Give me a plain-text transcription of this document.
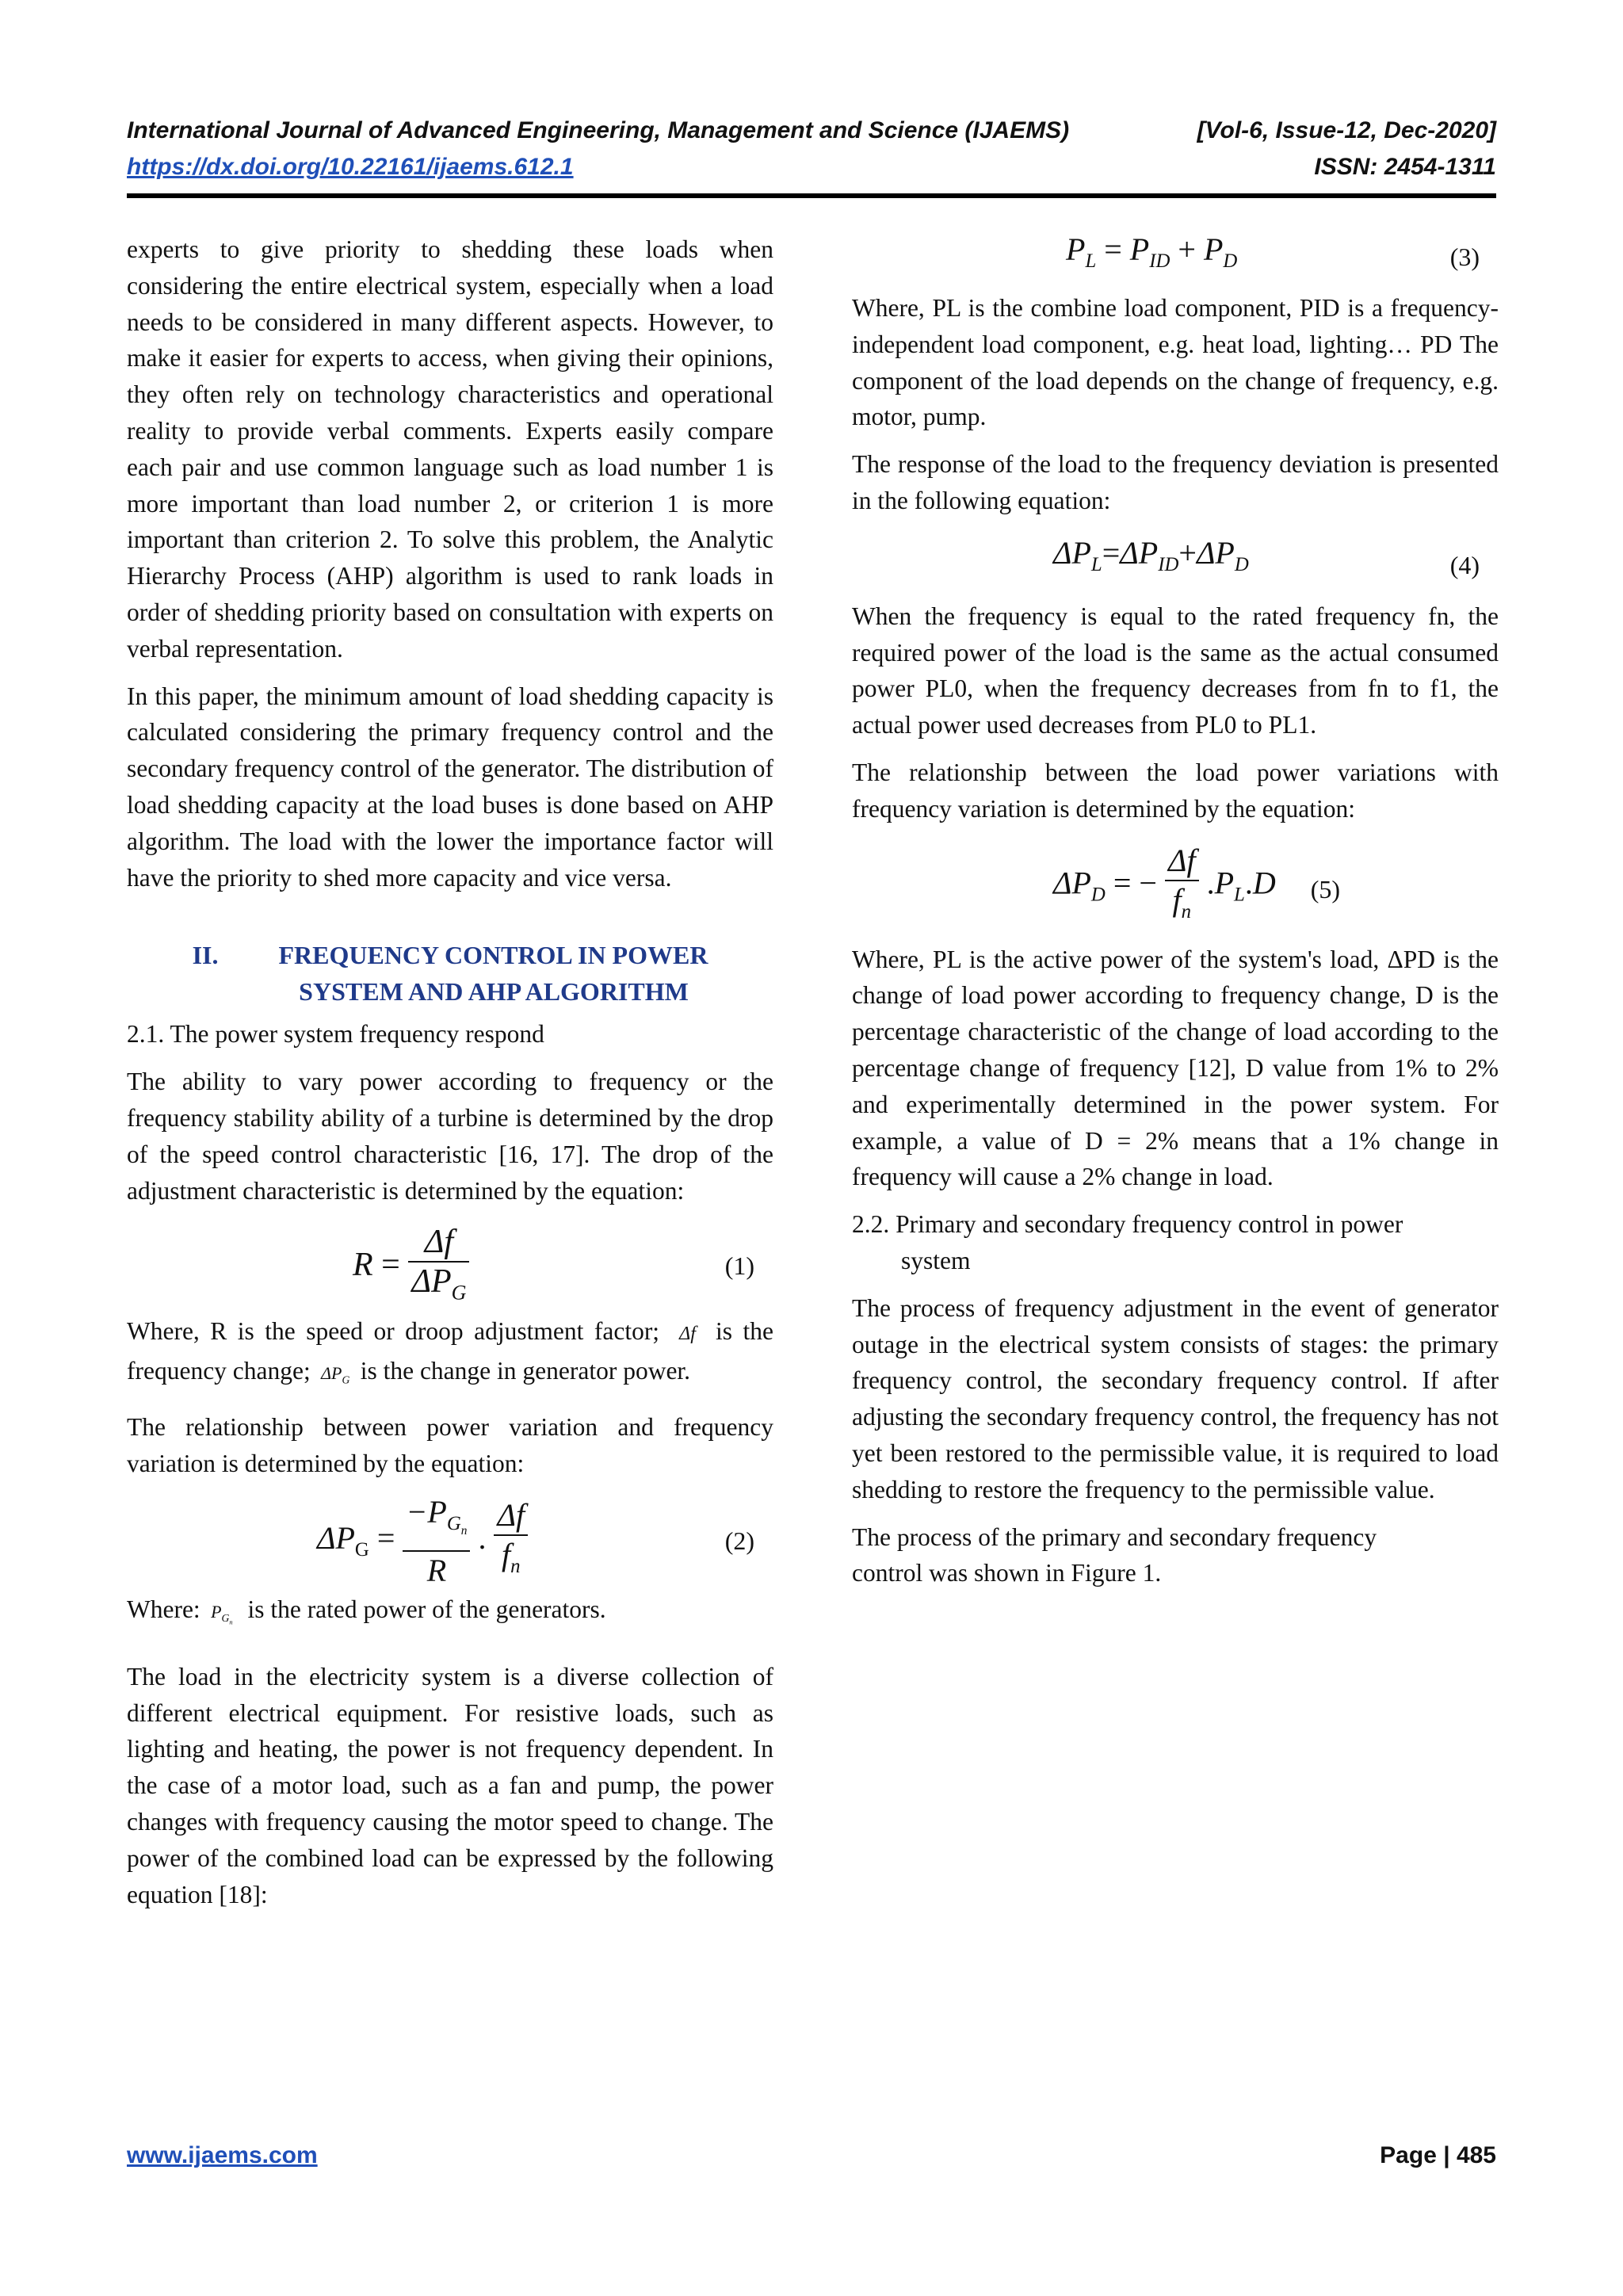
International Journal of Advanced Engineering, Management and Science (IJAEMS)	[Vol-6, Issue-12, Dec-2020]
https://dx.doi.org/10.22161/ijaems.612.1	ISSN: 2454-1311

experts to give priority to shedding these loads when considering the entire electrical system, especially when a load needs to be considered in many different aspects. However, to make it easier for experts to access, when giving their opinions, they often rely on technology characteristics and operational reality to provide verbal comments. Experts easily compare each pair and use common language such as load number 1 is more important than load number 2, or criterion 1 is more important than criterion 2. To solve this problem, the Analytic Hierarchy Process (AHP) algorithm is used to rank loads in order of shedding priority based on consultation with experts on verbal representation.

In this paper, the minimum amount of load shedding capacity is calculated considering the primary frequency control and the secondary frequency control of the generator. The distribution of load shedding capacity at the load buses is done based on AHP algorithm. The load with the lower the importance factor will have the priority to shed more capacity and vice versa.

II. FREQUENCY CONTROL IN POWER
SYSTEM AND AHP ALGORITHM

2.1. The power system frequency respond

The ability to vary power according to frequency or the frequency stability ability of a turbine is determined by the drop of the speed control characteristic [16, 17]. The drop of the adjustment characteristic is determined by the equation:

$R = \frac{\Delta f}{\Delta P_G}$	(1)

Where, R is the speed or droop adjustment factor;  Δf  is the frequency change;  $\Delta P_G$ is the change in generator power.

The relationship between power variation and frequency variation is determined by the equation:

$\Delta P_G = \frac{-P_{G_n}}{R}$ . $\frac{\Delta f}{f_n}$	(2)

Where:  $P_{G_n}$ is the rated power of the generators.

The load in the electricity system is a diverse collection of different electrical equipment. For resistive loads, such as lighting and heating, the power is not frequency dependent. In the case of a motor load, such as a fan and pump, the power changes with frequency causing the motor speed to change. The power of the combined load can be expressed by the following equation [18]:

$P_L = P_{ID} + P_D$	(3)

Where, PL is the combine load component, PID is a frequency-independent load component, e.g. heat load, lighting… PD The component of the load depends on the change of frequency, e.g. motor, pump.

The response of the load to the frequency deviation is presented in the following equation:

$\Delta P_L=\Delta P_{ID}+\Delta P_D$	(4)

When the frequency is equal to the rated frequency fn, the required power of the load is the same as the actual consumed power PL0, when the frequency decreases from fn to f1, the actual power used decreases from PL0 to PL1.

The relationship between the load power variations with frequency variation is determined by the equation:

$\Delta P_D$ = − $\frac{\Delta f}{f_n} .P_L.D$ (5)

Where, PL is the active power of the system's load, ΔPD is the change of load power according to frequency change, D is the percentage characteristic of the change of load according to the percentage change of frequency [12], D value from 1% to 2% and experimentally determined in the power system. For example, a value of D = 2% means that a 1% change in frequency will cause a 2% change in load.

2.2. Primary and secondary frequency control in power
system

The process of frequency adjustment in the event of generator outage in the electrical system consists of stages: the primary frequency control, the secondary frequency control. If after adjusting the secondary frequency control, the frequency has not yet been restored to the permissible value, it is required to load shedding to restore the frequency to the permissible value.

The process of the primary and secondary frequency
control was shown in Figure 1.
www.ijaems.com	Page | 485
